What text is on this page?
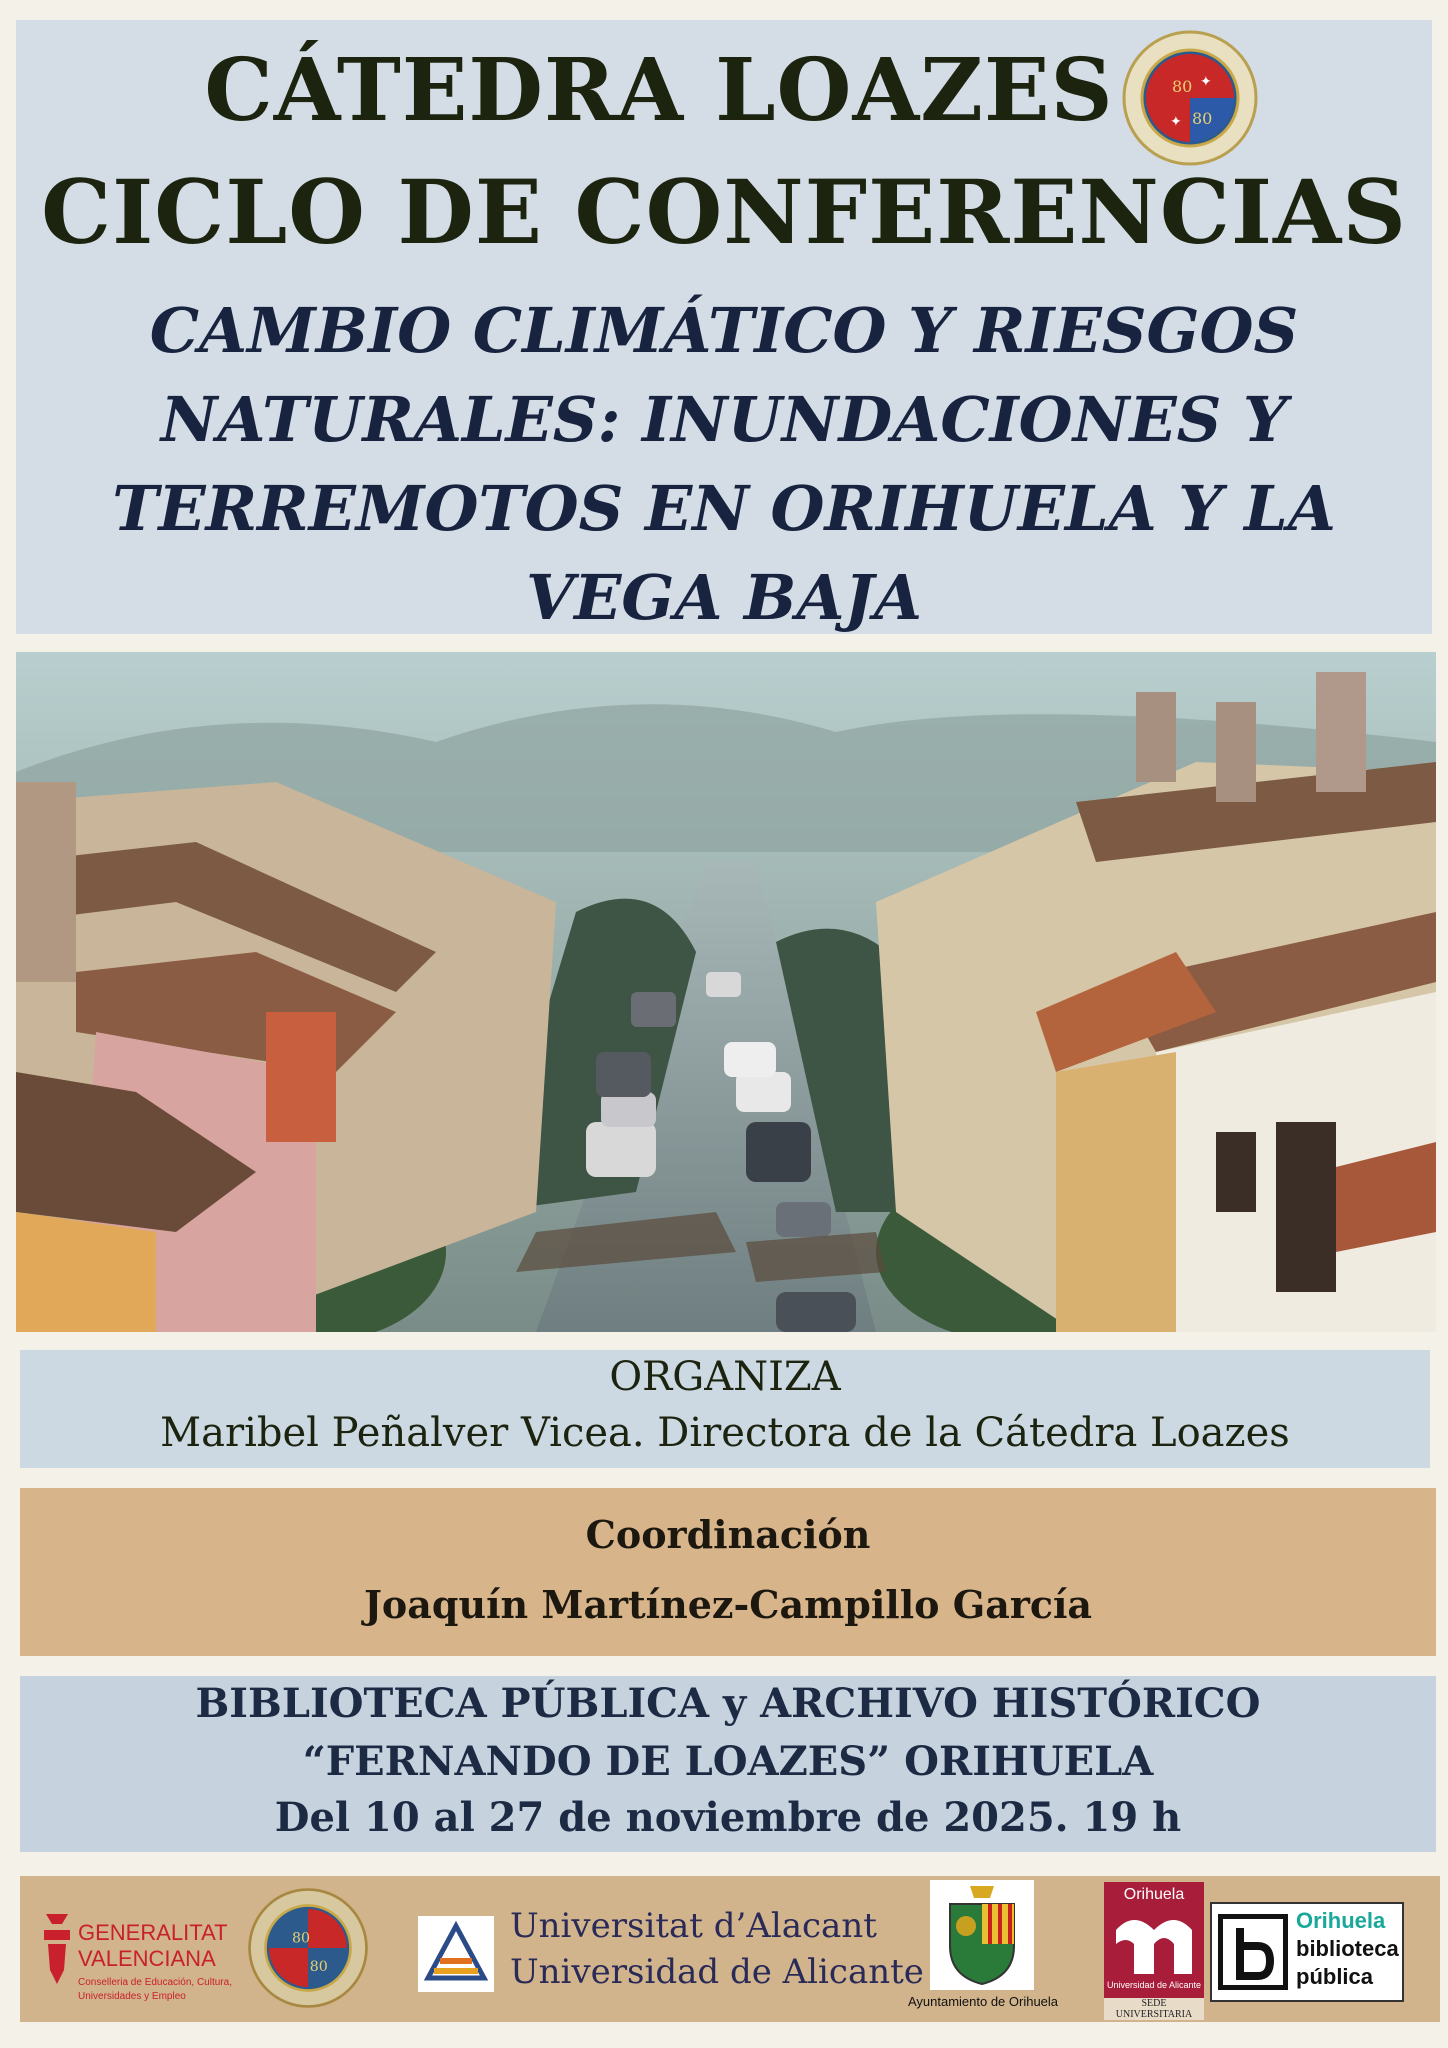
CÁTEDRA LOAZES	80
80
✦
✦
CICLO DE CONFERENCIAS
CAMBIO CLIMÁTICO Y RIESGOS
NATURALES: INUNDACIONES Y
TERREMOTOS EN ORIHUELA Y LA
VEGA BAJA
ORGANIZA
Maribel Peñalver Vicea. Directora de la Cátedra Loazes
Coordinación
Joaquín Martínez-Campillo García
BIBLIOTECA PÚBLICA y ARCHIVO HISTÓRICO
“FERNANDO DE LOAZES” ORIHUELA
Del 10 al 27 de noviembre de 2025. 19 h
GENERALITAT
VALENCIANA
Conselleria de Educación, Cultura,
Universidades y Empleo
80
80
Universitat d’Alacant
Universidad de Alicante
Ayuntamiento de Orihuela
Orihuela
Universidad de Alicante
SEDE UNIVERSITARIA
Orihuela
biblioteca
pública
